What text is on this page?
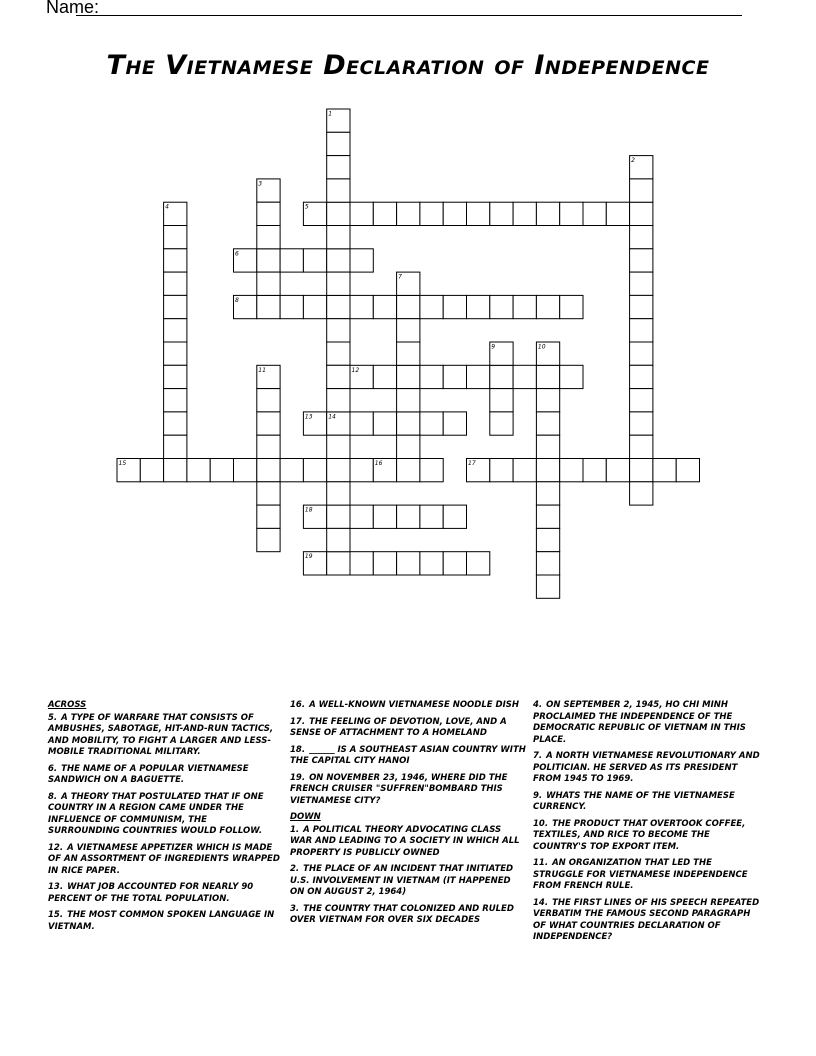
Name:
The Vietnamese Declaration of Independence
5
6
8
12
13
15	16	17
18
19
1
2
3
4
7
9	10
11
14
ACROSS
5. A TYPE OF WARFARE THAT CONSISTS OF AMBUSHES, SABOTAGE, HIT-AND-RUN TACTICS, AND MOBILITY, TO FIGHT A LARGER AND LESS-MOBILE TRADITIONAL MILITARY.
6. THE NAME OF A POPULAR VIETNAMESE SANDWICH ON A BAGUETTE.
8. A THEORY THAT POSTULATED THAT IF ONE COUNTRY IN A REGION CAME UNDER THE INFLUENCE OF COMMUNISM, THE SURROUNDING COUNTRIES WOULD FOLLOW.
12. A VIETNAMESE APPETIZER WHICH IS MADE OF AN ASSORTMENT OF INGREDIENTS WRAPPED IN RICE PAPER.
13. WHAT JOB ACCOUNTED FOR NEARLY 90 PERCENT OF THE TOTAL POPULATION.
15. THE MOST COMMON SPOKEN LANGUAGE IN VIETNAM.
16. A WELL-KNOWN VIETNAMESE NOODLE DISH
17. THE FEELING OF DEVOTION, LOVE, AND A SENSE OF ATTACHMENT TO A HOMELAND
18. ______ IS A SOUTHEAST ASIAN COUNTRY WITH THE CAPITAL CITY HANOI
19. ON NOVEMBER 23, 1946, WHERE DID THE FRENCH CRUISER "SUFFREN"BOMBARD THIS VIETNAMESE CITY?
DOWN
1. A POLITICAL THEORY ADVOCATING CLASS WAR AND LEADING TO A SOCIETY IN WHICH ALL PROPERTY IS PUBLICLY OWNED
2. THE PLACE OF AN INCIDENT THAT INITIATED U.S. INVOLVEMENT IN VIETNAM (IT HAPPENED ON ON AUGUST 2, 1964)
3. THE COUNTRY THAT COLONIZED AND RULED OVER VIETNAM FOR OVER SIX DECADES
4. ON SEPTEMBER 2, 1945, HO CHI MINH PROCLAIMED THE INDEPENDENCE OF THE DEMOCRATIC REPUBLIC OF VIETNAM IN THIS PLACE.
7. A NORTH VIETNAMESE REVOLUTIONARY AND POLITICIAN. HE SERVED AS ITS PRESIDENT FROM 1945 TO 1969.
9. WHATS THE NAME OF THE VIETNAMESE CURRENCY.
10. THE PRODUCT THAT OVERTOOK COFFEE, TEXTILES, AND RICE TO BECOME THE COUNTRY'S TOP EXPORT ITEM.
11. AN ORGANIZATION THAT LED THE STRUGGLE FOR VIETNAMESE INDEPENDENCE FROM FRENCH RULE.
14. THE FIRST LINES OF HIS SPEECH REPEATED VERBATIM THE FAMOUS SECOND PARAGRAPH OF WHAT COUNTRIES DECLARATION OF INDEPENDENCE?
